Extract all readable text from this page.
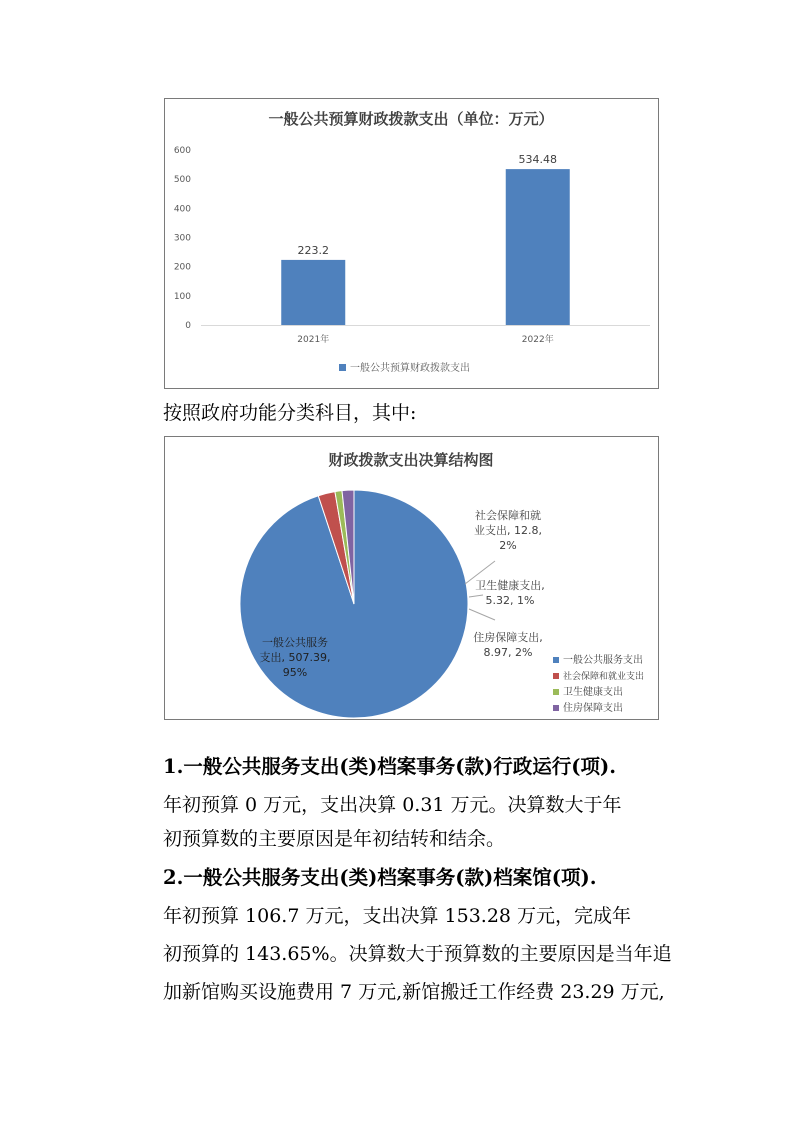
一般公共预算财政拨款支出（单位：万元）
0
100
200
300
400
500
600
2021年	2022年
223.2
534.48
一般公共预算财政拨款支出
按照政府功能分类科目，其中:
财政拨款支出决算结构图
一般公共服务支出, 507.39, 95%
社会保障和就业支出, 12.8, 2%
卫生健康支出, 5.32, 1%
住房保障支出, 8.97, 2%
一般公共服务支出
社会保障和就业支出
卫生健康支出
住房保障支出
1.一般公共服务支出(类)档案事务(款)行政运行(项).
年初预算 0 万元，支出决算 0.31 万元。决算数大于年
初预算数的主要原因是年初结转和结余。
2.一般公共服务支出(类)档案事务(款)档案馆(项).
年初预算 106.7 万元，支出决算 153.28 万元，完成年
初预算的 143.65%。决算数大于预算数的主要原因是当年追
加新馆购买设施费用 7 万元,新馆搬迁工作经费 23.29 万元,
